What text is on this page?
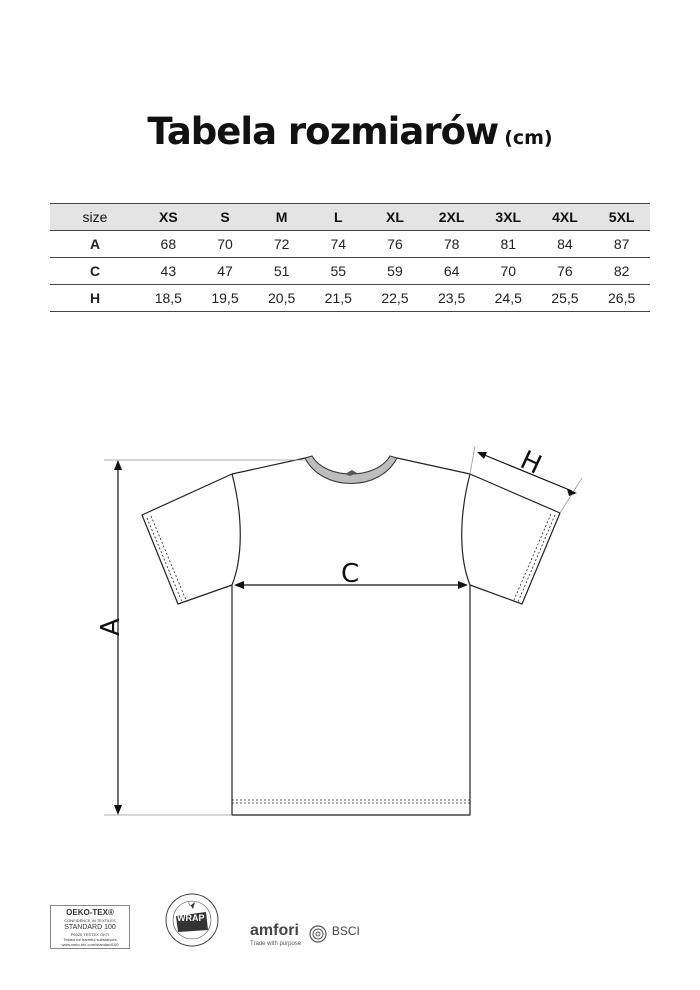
Tabela rozmiarów (cm)
size	XS	S	M	L	XL	2XL	3XL	4XL	5XL
A	68	70	72	74	76	78	81	84	87
C	43	47	51	55	59	64	70	76	82
H	18,5	19,5	20,5	21,5	22,5	23,5	24,5	25,5	26,5
A
C
H
OEKO-TEX®
CONFIDENCE IN TEXTILES
STANDARD 100
P6020 TESTEX OKTI
Tested for harmful substances
www.oeko-tex.com/standard100
WRAP
amfori	BSCI
Trade with purpose
